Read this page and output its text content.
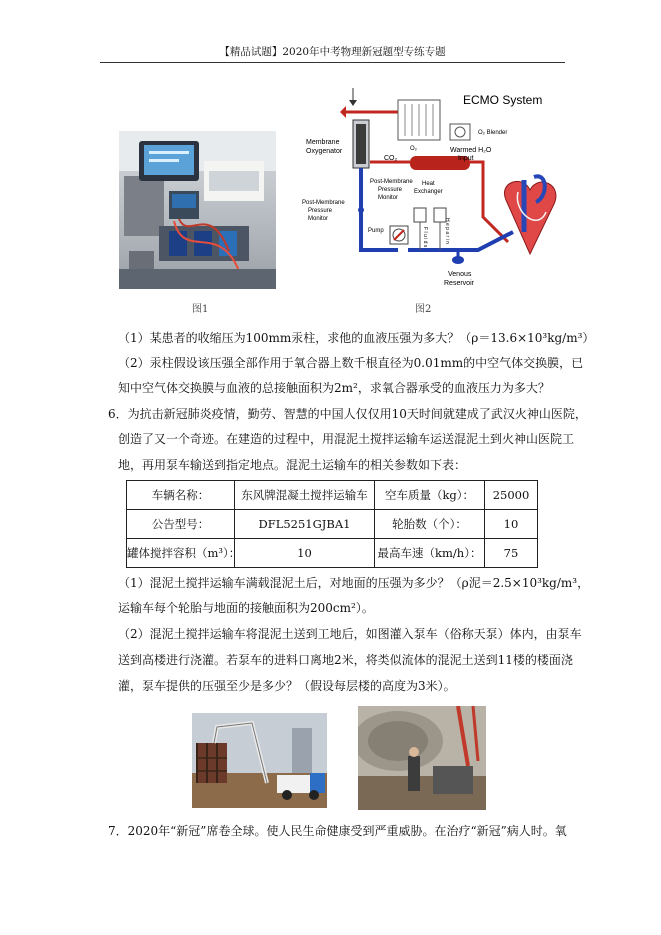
【精品试题】2020年中考物理新冠题型专练专题
图1
ECMO System
O₂ Blender
Membrane
Oxygenator
CO₂
O₂	Warmed H₂O
Input
Heat
Exchanger
Post-Membrane
Pressure
Monitor
Post-Membrane
Pressure
Monitor
Pump	F l u i d s	H e p a r i n
Venous
Reservoir
图2
（1）某患者的收缩压为100mm汞柱，求他的血液压强为多大？（ρ＝13.6×10³kg/m³）
（2）汞柱假设该压强全部作用于氧合器上数千根直径为0.01mm的中空气体交换膜，已
知中空气体交换膜与血液的总接触面积为2m²，求氧合器承受的血液压力为多大？
6．为抗击新冠肺炎疫情，勤劳、智慧的中国人仅仅用10天时间就建成了武汉火神山医院，
创造了又一个奇迹。在建造的过程中，用混泥土搅拌运输车运送混泥土到火神山医院工
地，再用泵车输送到指定地点。混泥土运输车的相关参数如下表：
车辆名称：	东风牌混凝土搅拌运输车	空车质量（kg）：	25000
公告型号：	DFL5251GJBA1	轮胎数（个）：	10
罐体搅拌容积（m³）：	10	最高车速（km/h）：	75
（1）混泥土搅拌运输车满载混泥土后，对地面的压强为多少？（ρ泥＝2.5×10³kg/m³，
运输车每个轮胎与地面的接触面积为200cm²）。
（2）混泥土搅拌运输车将混泥土送到工地后，如图灌入泵车（俗称天泵）体内，由泵车
送到高楼进行浇灌。若泵车的进料口离地2米，将类似流体的混泥土送到11楼的楼面浇
灌，泵车提供的压强至少是多少？（假设每层楼的高度为3米）。
7．2020年“新冠”席卷全球。使人民生命健康受到严重威胁。在治疗“新冠”病人时。氧
